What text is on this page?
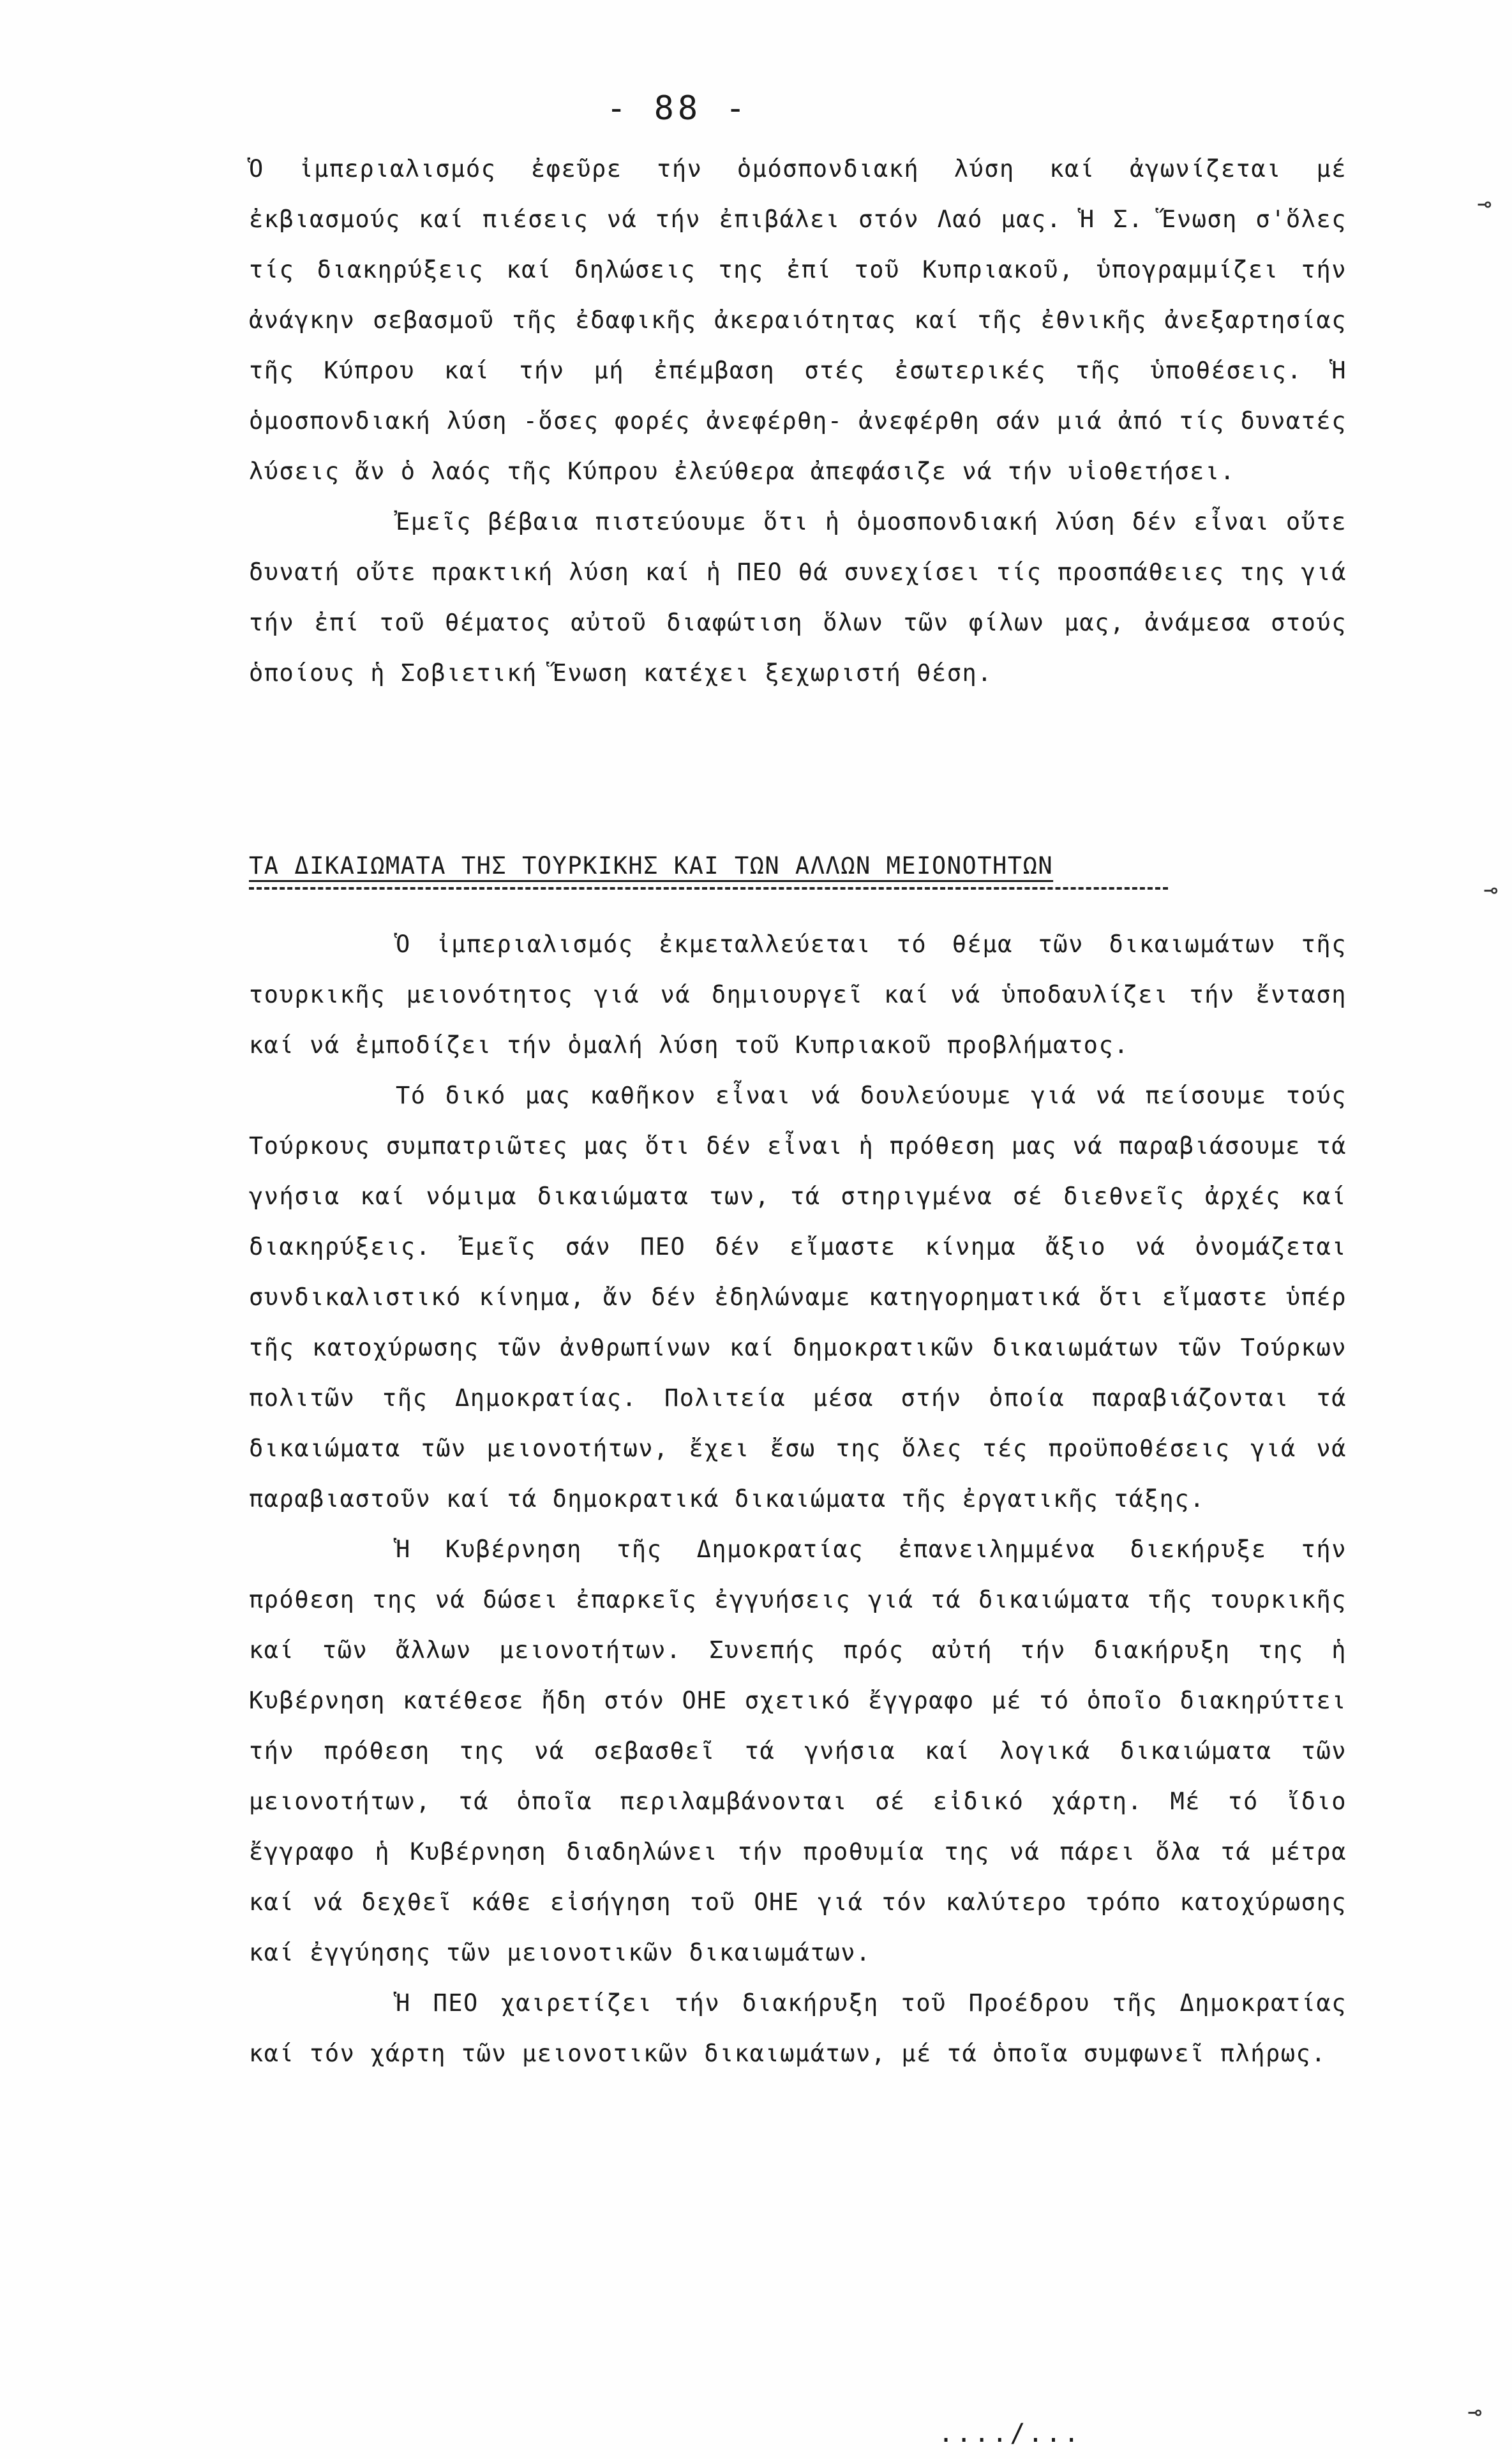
- 88 -

Ὁ ἰμπεριαλισμός ἐφεῦρε τήν ὁμόσπονδιακή λύση καί ἀγωνίζεται μέ ἐκβιασμούς καί πιέσεις νά τήν ἐπιβάλει στόν Λαό μας. Ἡ Σ. Ἕνωση σ'ὅλες τίς διακηρύξεις καί δηλώσεις της ἐπί τοῦ Κυπριακοῦ, ὑπογραμμίζει τήν ἀνάγκην σεβασμοῦ τῆς ἐδαφικῆς ἀκεραιότητας καί τῆς ἐθνικῆς ἀνεξαρτησίας τῆς Κύπρου καί τήν μή ἐπέμβαση στές ἐσωτερικές τῆς ὑποθέσεις. Ἡ ὁμοσπονδιακή λύση -ὅσες φορές ἀνεφέρθη- ἀνεφέρθη σάν μιά ἀπό τίς δυνατές λύσεις ἄν ὁ λαός τῆς Κύπρου ἐλεύθερα ἀπεφάσιζε νά τήν υἱοθετήσει.

Ἐμεῖς βέβαια πιστεύουμε ὅτι ἡ ὁμοσπονδιακή λύση δέν εἶναι οὔτε δυνατή οὔτε πρακτική λύση καί ἡ ΠΕΟ θά συνεχίσει τίς προσπάθειες της γιά τήν ἐπί τοῦ θέματος αὐτοῦ διαφώτιση ὅλων τῶν φίλων μας, ἀνάμεσα στούς ὁποίους ἡ Σοβιετική Ἕνωση κατέχει ξεχωριστή θέση.

ΤΑ ΔΙΚΑΙΩΜΑΤΑ ΤΗΣ ΤΟΥΡΚΙΚΗΣ ΚΑΙ ΤΩΝ ΑΛΛΩΝ ΜΕΙΟΝΟΤΗΤΩΝ

Ὁ ἰμπεριαλισμός ἐκμεταλλεύεται τό θέμα τῶν δικαιωμάτων τῆς τουρκικῆς μειονότητος γιά νά δημιουργεῖ καί νά ὑποδαυλίζει τήν ἔνταση καί νά ἐμποδίζει τήν ὁμαλή λύση τοῦ Κυπριακοῦ προβλήματος.

Τό δικό μας καθῆκον εἶναι νά δουλεύουμε γιά νά πείσουμε τούς Τούρκους συμπατριῶτες μας ὅτι δέν εἶναι ἡ πρόθεση μας νά παραβιάσουμε τά γνήσια καί νόμιμα δικαιώματα των, τά στηριγμένα σέ διεθνεῖς ἀρχές καί διακηρύξεις. Ἐμεῖς σάν ΠΕΟ δέν εἴμαστε κίνημα ἄξιο νά ὀνομάζεται συνδικαλιστικό κίνημα, ἄν δέν ἐδηλώναμε κατηγορηματικά ὅτι εἴμαστε ὑπέρ τῆς κατοχύρωσης τῶν ἀνθρωπίνων καί δημοκρατικῶν δικαιωμάτων τῶν Τούρκων πολιτῶν τῆς Δημοκρατίας. Πολιτεία μέσα στήν ὁποία παραβιάζονται τά δικαιώματα τῶν μειονοτήτων, ἔχει ἔσω της ὅλες τές προϋποθέσεις γιά νά παραβιαστοῦν καί τά δημοκρατικά δικαιώματα τῆς ἐργατικῆς τάξης.

Ἡ Κυβέρνηση τῆς Δημοκρατίας ἐπανειλημμένα διεκήρυξε τήν πρόθεση της νά δώσει ἐπαρκεῖς ἐγγυήσεις γιά τά δικαιώματα τῆς τουρκικῆς καί τῶν ἄλλων μειονοτήτων. Συνεπής πρός αὐτή τήν διακήρυξη της ἡ Κυβέρνηση κατέθεσε ἤδη στόν ΟΗΕ σχετικό ἔγγραφο μέ τό ὁποῖο διακηρύττει τήν πρόθεση της νά σεβασθεῖ τά γνήσια καί λογικά δικαιώματα τῶν μειονοτήτων, τά ὁποῖα περιλαμβάνονται σέ εἰδικό χάρτη. Μέ τό ἴδιο ἔγγραφο ἡ Κυβέρνηση διαδηλώνει τήν προθυμία της νά πάρει ὅλα τά μέτρα καί νά δεχθεῖ κάθε εἰσήγηση τοῦ ΟΗΕ γιά τόν καλύτερο τρόπο κατοχύρωσης καί ἐγγύησης τῶν μειονοτικῶν δικαιωμάτων.

Ἡ ΠΕΟ χαιρετίζει τήν διακήρυξη τοῦ Προέδρου τῆς Δημοκρατίας καί τόν χάρτη τῶν μειονοτικῶν δικαιωμάτων, μέ τά ὁποῖα συμφωνεῖ πλήρως.

..../...
⊸
⊸
⊸
